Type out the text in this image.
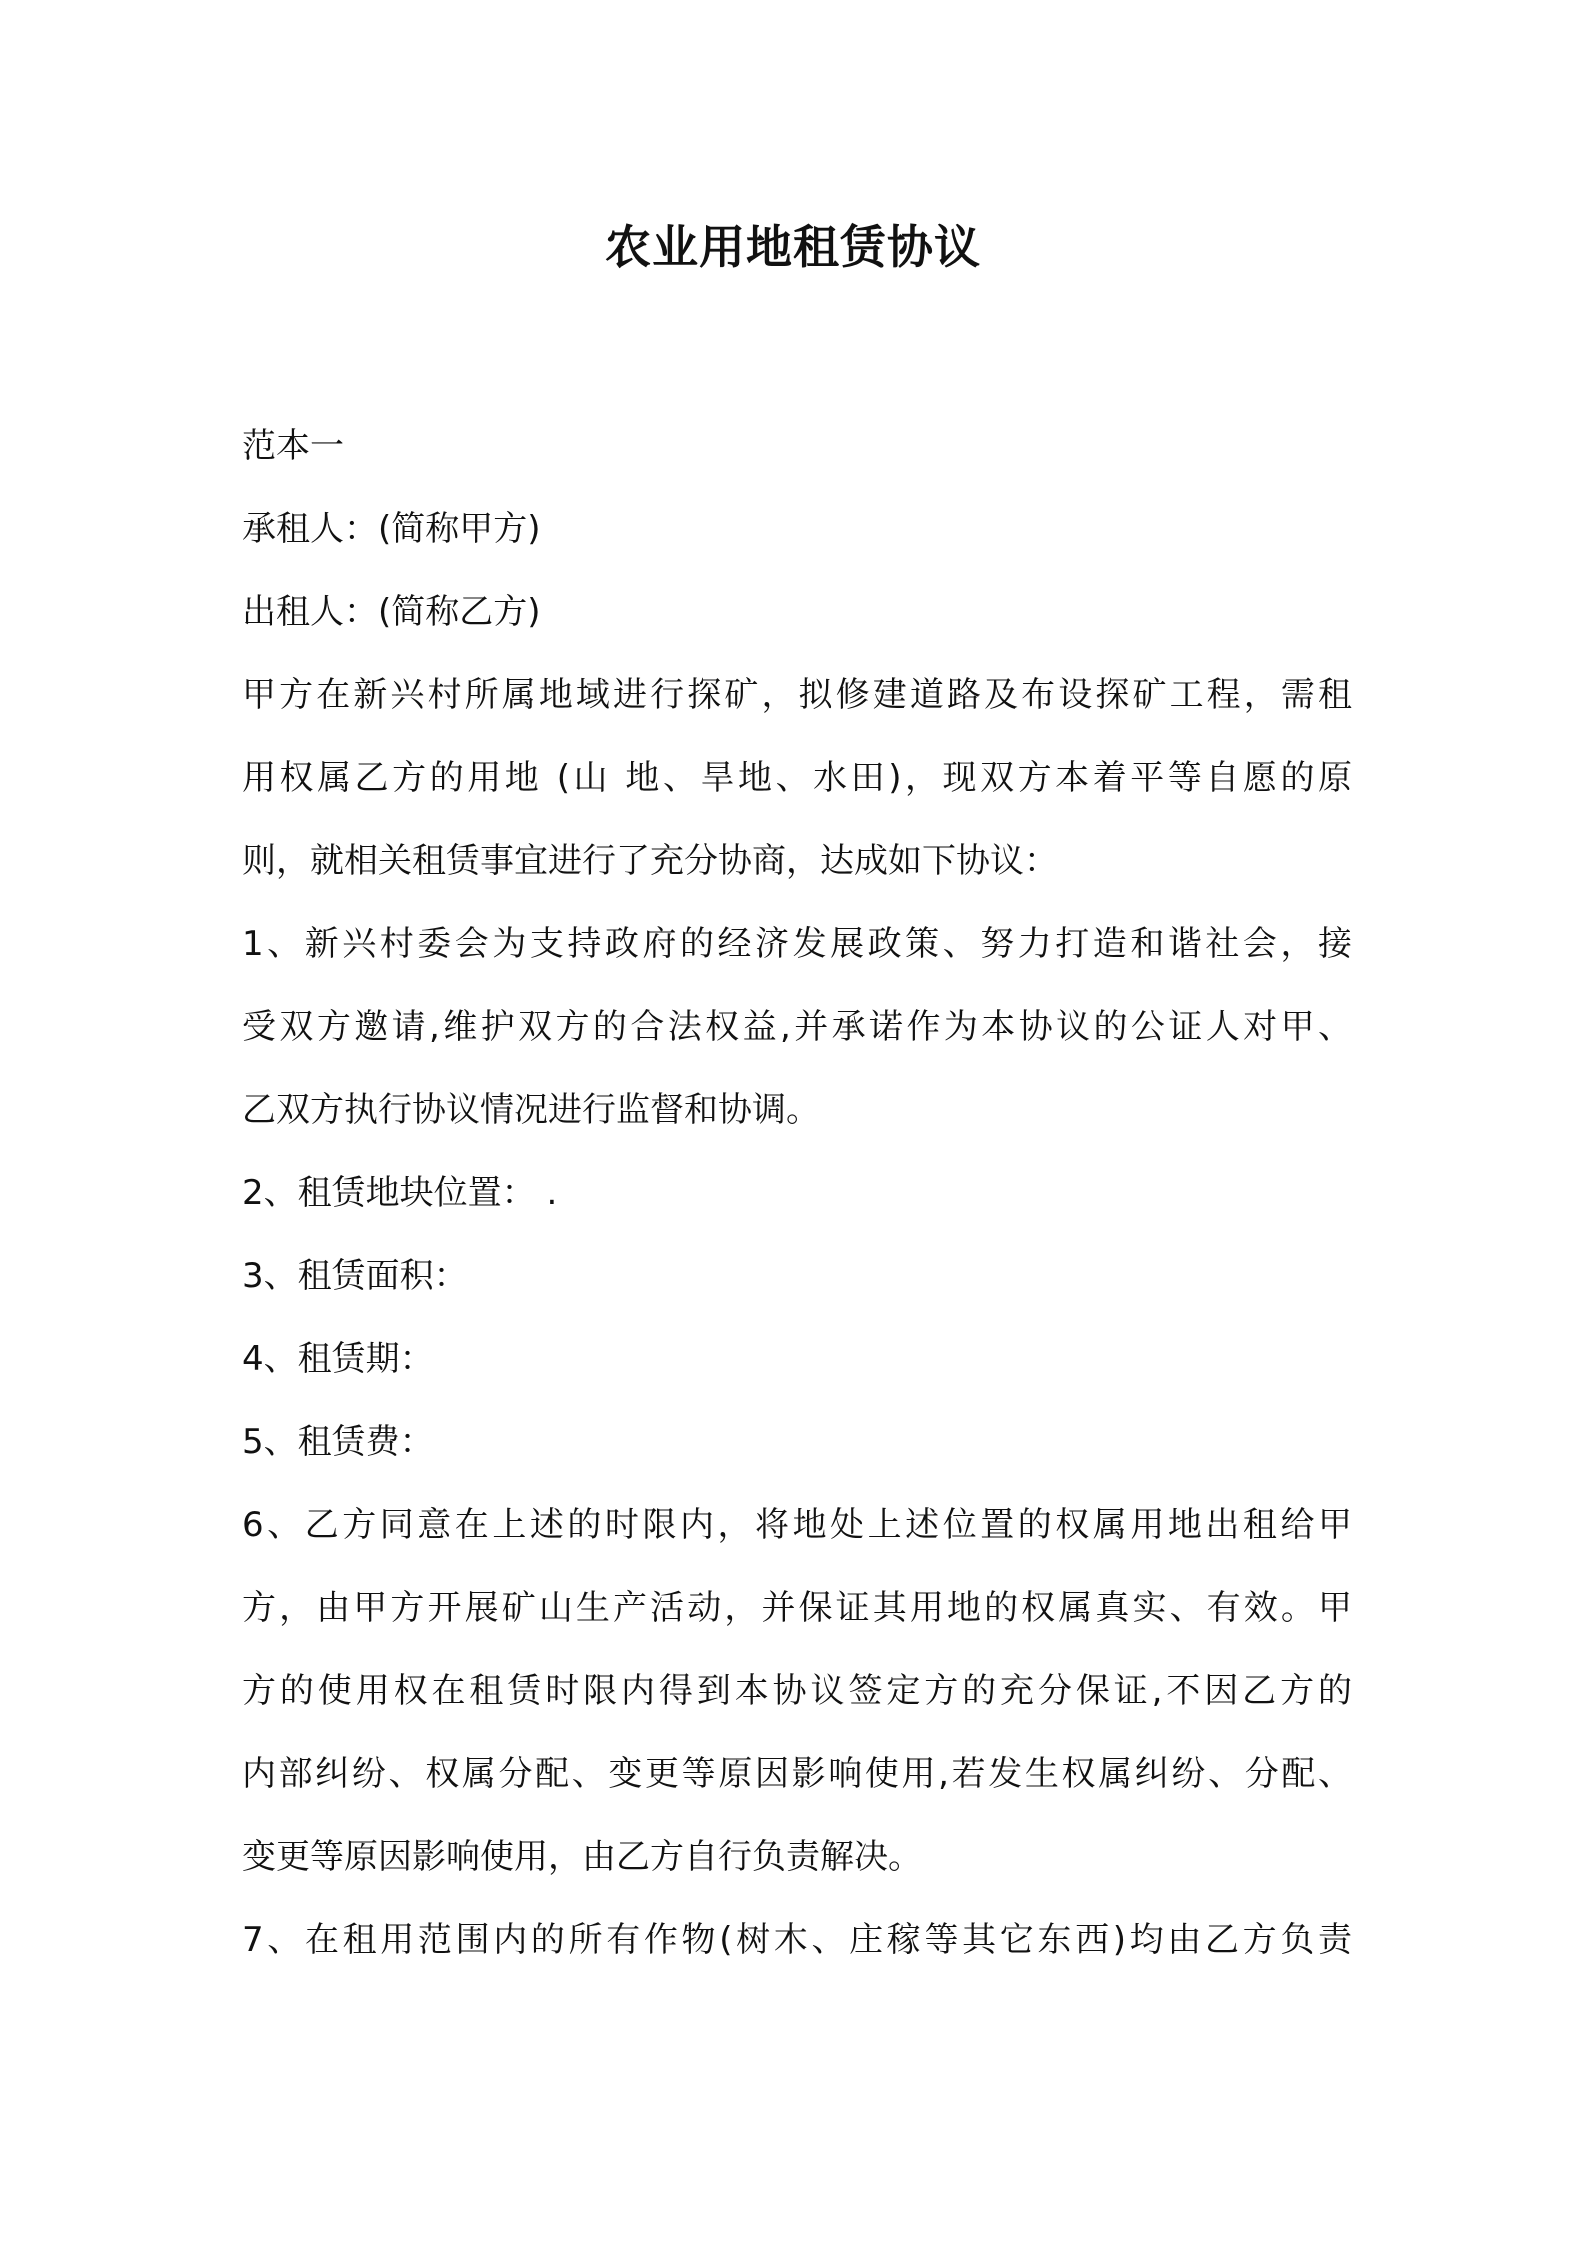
农业用地租赁协议
范本一
承租人：(简称甲方)
出租人：(简称乙方)
甲方在新兴村所属地域进行探矿，拟修建道路及布设探矿工程，需租
用权属乙方的用地 (山 地、旱地、水田)，现双方本着平等自愿的原
则，就相关租赁事宜进行了充分协商，达成如下协议：
1、新兴村委会为支持政府的经济发展政策、努力打造和谐社会，接
受双方邀请,维护双方的合法权益,并承诺作为本协议的公证人对甲、
乙双方执行协议情况进行监督和协调。
2、租赁地块位置： .
3、租赁面积：
4、租赁期：
5、租赁费：
6、乙方同意在上述的时限内，将地处上述位置的权属用地出租给甲
方，由甲方开展矿山生产活动，并保证其用地的权属真实、有效。甲
方的使用权在租赁时限内得到本协议签定方的充分保证,不因乙方的
内部纠纷、权属分配、变更等原因影响使用,若发生权属纠纷、分配、
变更等原因影响使用，由乙方自行负责解决。
7、在租用范围内的所有作物(树木、庄稼等其它东西)均由乙方负责
